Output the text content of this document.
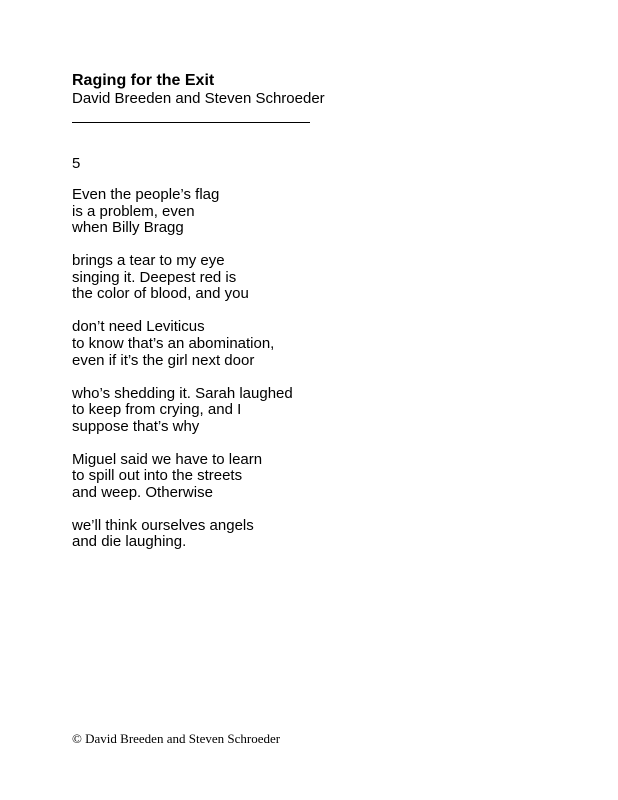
Raging for the Exit

David Breeden and Steven Schroeder

5
Even the people’s flag
is a problem, even
when Billy Bragg
brings a tear to my eye
singing it. Deepest red is
the color of blood, and you
don’t need Leviticus
to know that’s an abomination,
even if it’s the girl next door
who’s shedding it. Sarah laughed
to keep from crying, and I
suppose that’s why
Miguel said we have to learn
to spill out into the streets
and weep. Otherwise
we’ll think ourselves angels
and die laughing.
© David Breeden and Steven Schroeder
